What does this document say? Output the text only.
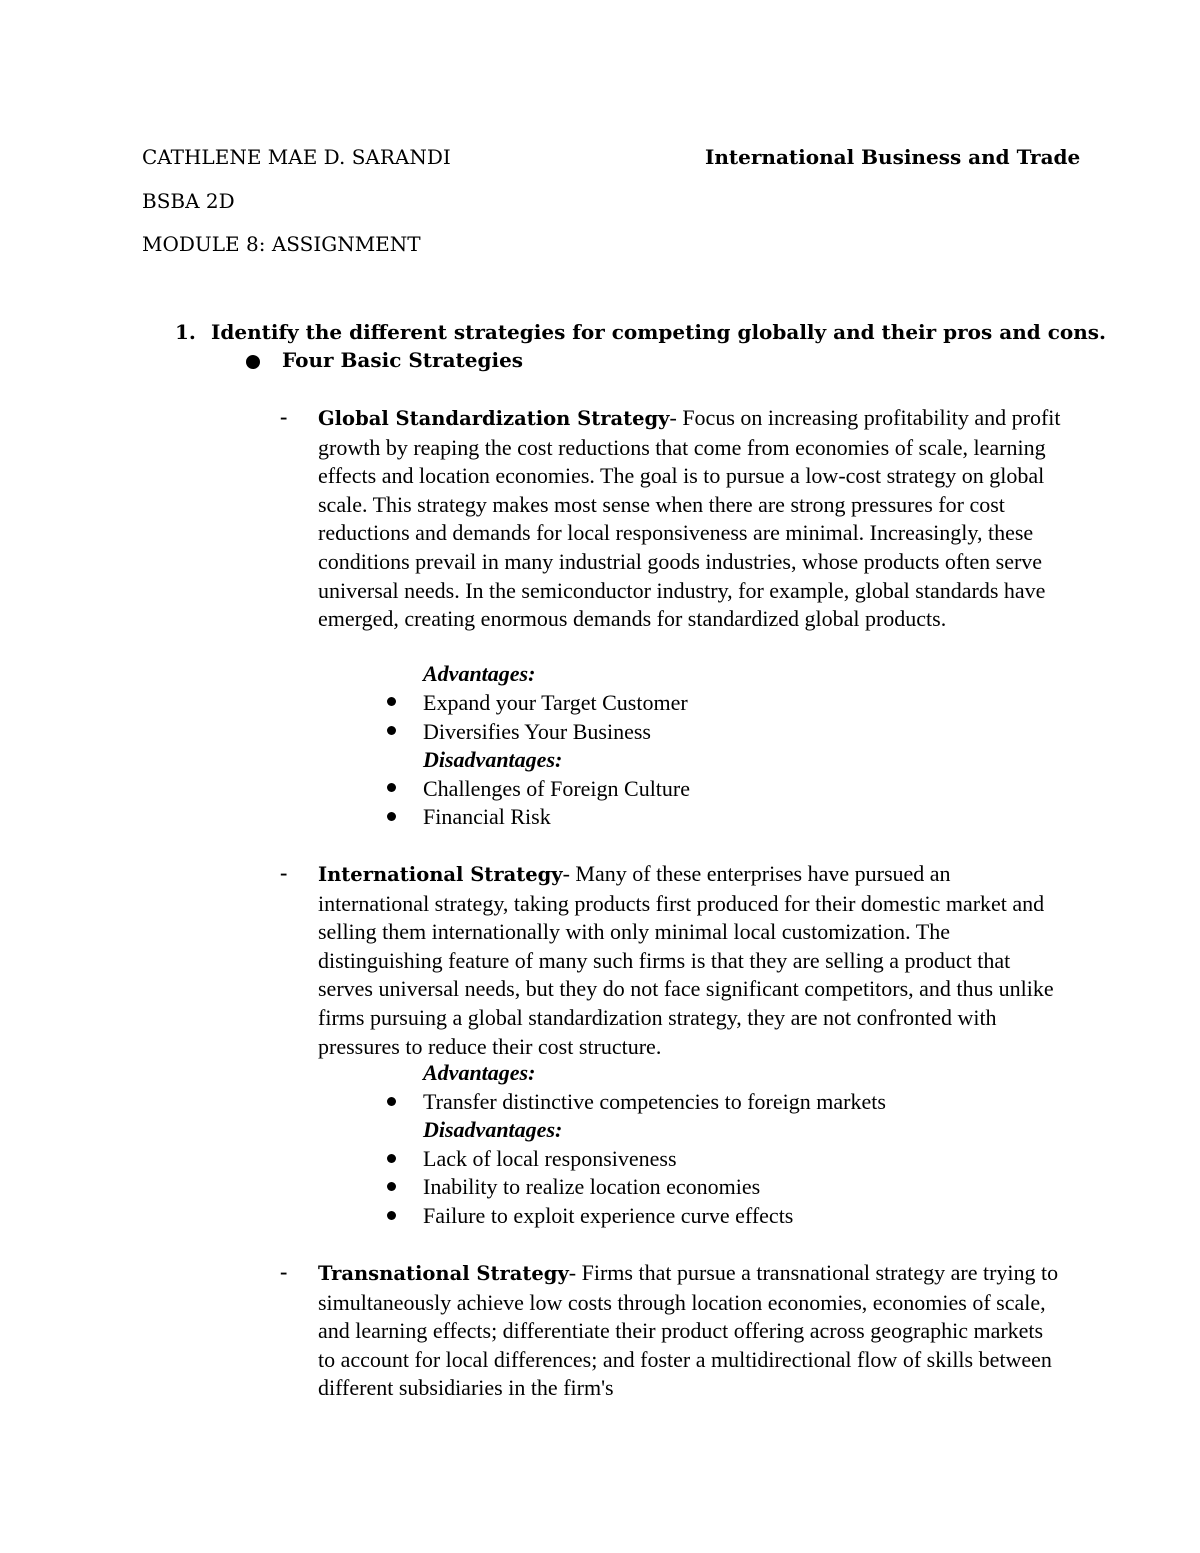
CATHLENE MAE D. SARANDI	International Business and Trade
BSBA 2D
MODULE 8: ASSIGNMENT
1. Identify the different strategies for competing globally and their pros and cons.
Four Basic Strategies
- Global Standardization Strategy- Focus on increasing profitability and profit growth by reaping the cost reductions that come from economies of scale, learning effects and location economies. The goal is to pursue a low-cost strategy on global scale. This strategy makes most sense when there are strong pressures for cost reductions and demands for local responsiveness are minimal. Increasingly, these conditions prevail in many industrial goods industries, whose products often serve universal needs. In the semiconductor industry, for example, global standards have emerged, creating enormous demands for standardized global products.
Advantages:
Expand your Target Customer
Diversifies Your Business
Disadvantages:
Challenges of Foreign Culture
Financial Risk
- International Strategy- Many of these enterprises have pursued an international strategy, taking products first produced for their domestic market and selling them internationally with only minimal local customization. The distinguishing feature of many such firms is that they are selling a product that serves universal needs, but they do not face significant competitors, and thus unlike firms pursuing a global standardization strategy, they are not confronted with pressures to reduce their cost structure.
Advantages:
Transfer distinctive competencies to foreign markets
Disadvantages:
Lack of local responsiveness
Inability to realize location economies
Failure to exploit experience curve effects
- Transnational Strategy- Firms that pursue a transnational strategy are trying to simultaneously achieve low costs through location economies, economies of scale, and learning effects; differentiate their product offering across geographic markets to account for local differences; and foster a multidirectional flow of skills between different subsidiaries in the firm's
